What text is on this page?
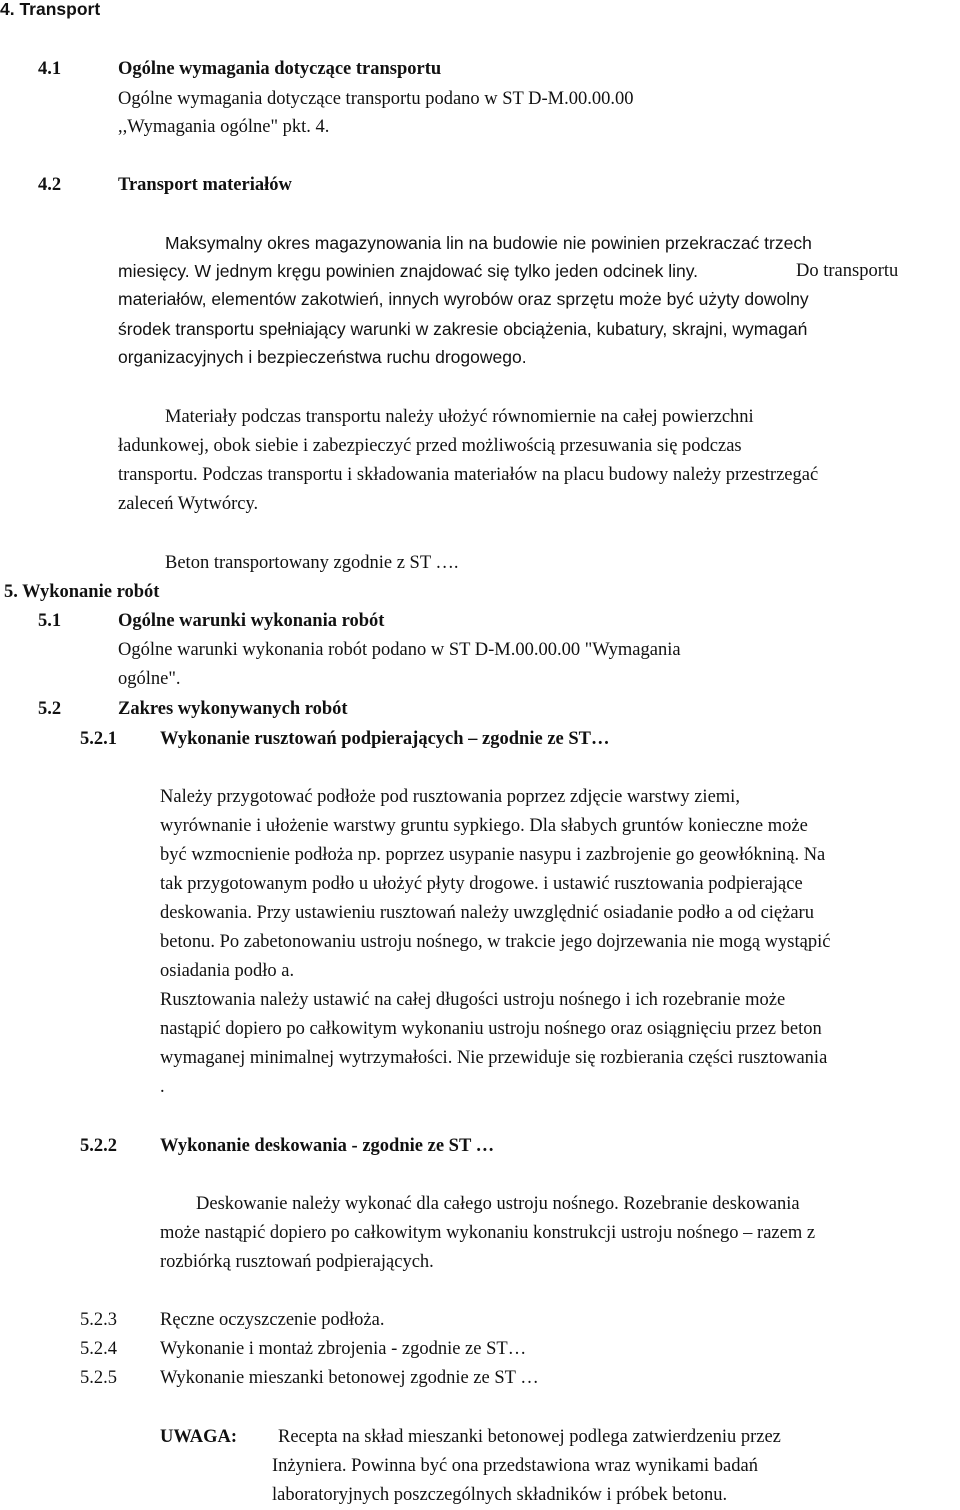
4. Transport
4.1	Ogólne wymagania dotyczące transportu
Ogólne wymagania dotyczące transportu podano w ST D-M.00.00.00
,,Wymagania ogólne" pkt. 4.
4.2	Transport materiałów
Maksymalny okres magazynowania lin na budowie nie powinien przekraczać trzech
miesięcy. W jednym kręgu powinien znajdować się tylko jeden odcinek liny.	Do transportu
materiałów, elementów zakotwień, innych wyrobów oraz sprzętu może być użyty dowolny
środek transportu spełniający warunki w zakresie obciążenia, kubatury, skrajni, wymagań
organizacyjnych i bezpieczeństwa ruchu drogowego.
Materiały podczas transportu należy ułożyć równomiernie na całej powierzchni
ładunkowej, obok siebie i zabezpieczyć przed możliwością przesuwania się podczas
transportu. Podczas transportu i składowania materiałów na placu budowy należy przestrzegać
zaleceń Wytwórcy.
Beton transportowany zgodnie z ST ….
5. Wykonanie robót
5.1	Ogólne warunki wykonania robót
Ogólne warunki wykonania robót podano w ST D-M.00.00.00 "Wymagania
ogólne".
5.2	Zakres wykonywanych robót
5.2.1 Wykonanie rusztowań podpierających – zgodnie ze ST…
Należy przygotować podłoże pod rusztowania poprzez zdjęcie warstwy ziemi,
wyrównanie i ułożenie warstwy gruntu sypkiego. Dla słabych gruntów konieczne może
być wzmocnienie podłoża np. poprzez usypanie nasypu i zazbrojenie go geowłókniną. Na
tak przygotowanym podło u ułożyć płyty drogowe. i ustawić rusztowania podpierające
deskowania. Przy ustawieniu rusztowań należy uwzględnić osiadanie podło a od ciężaru
betonu. Po zabetonowaniu ustroju nośnego, w trakcie jego dojrzewania nie mogą wystąpić
osiadania podło a.
Rusztowania należy ustawić na całej długości ustroju nośnego i ich rozebranie może
nastąpić dopiero po całkowitym wykonaniu ustroju nośnego oraz osiągnięciu przez beton
wymaganej minimalnej wytrzymałości. Nie przewiduje się rozbierania części rusztowania
.
5.2.2 Wykonanie deskowania - zgodnie ze ST …
Deskowanie należy wykonać dla całego ustroju nośnego. Rozebranie deskowania
może nastąpić dopiero po całkowitym wykonaniu konstrukcji ustroju nośnego – razem z
rozbiórką rusztowań podpierających.
5.2.3 Ręczne oczyszczenie podłoża.
5.2.4 Wykonanie i montaż zbrojenia - zgodnie ze ST…
5.2.5 Wykonanie mieszanki betonowej zgodnie ze ST …
UWAGA: Recepta na skład mieszanki betonowej podlega zatwierdzeniu przez
Inżyniera. Powinna być ona przedstawiona wraz wynikami badań
laboratoryjnych poszczególnych składników i próbek betonu.
